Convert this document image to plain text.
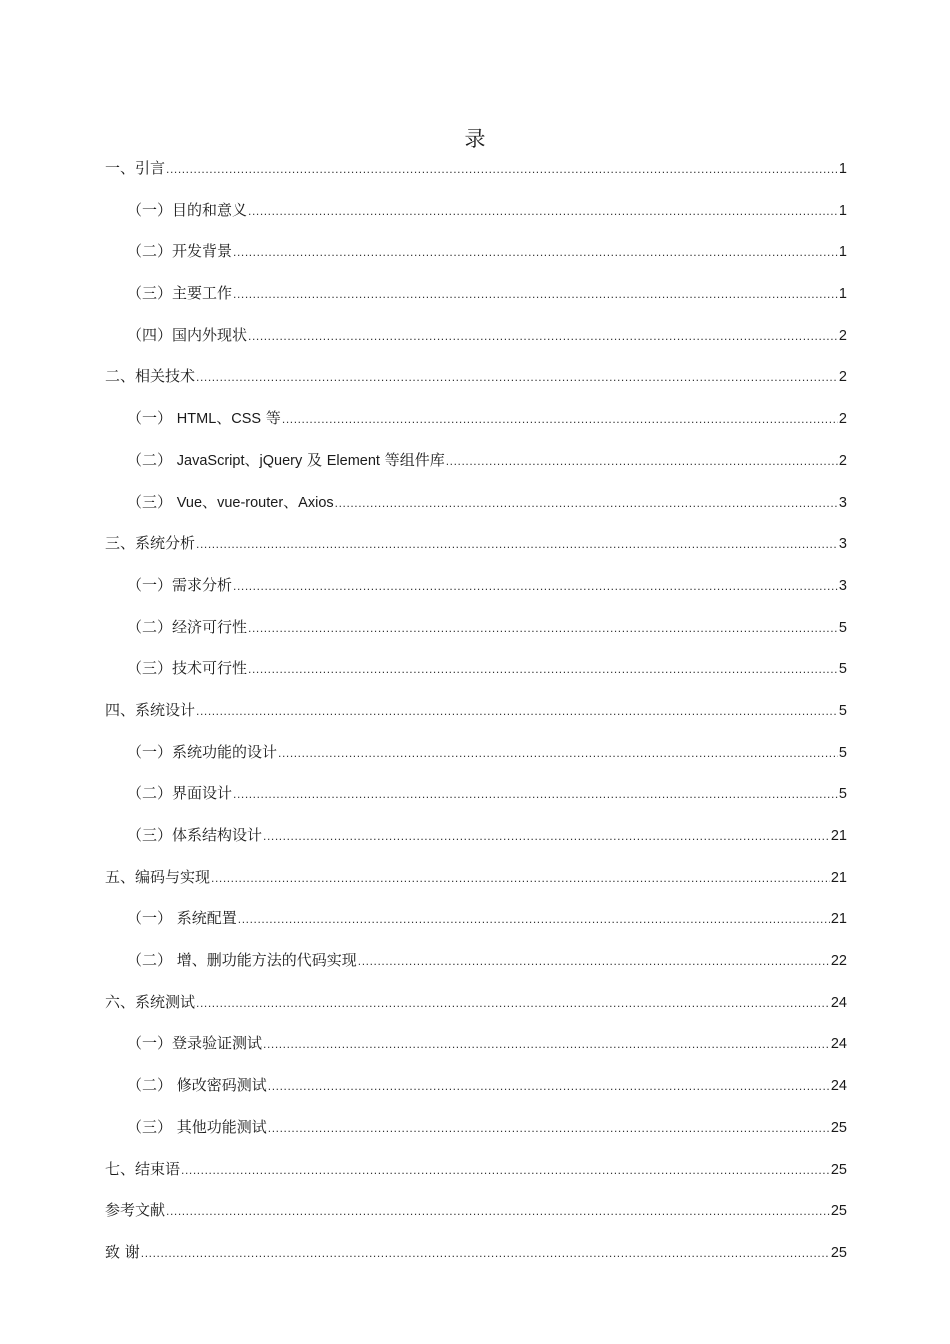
录
一、引言 .....	1
（一）目的和意义 .....	1
（二）开发背景 .....	1
（三）主要工作 .....	1
（四）国内外现状 .....	2
二、相关技术 .....	2
（一） HTML、CSS 等 .....	2
（二） JavaScript、jQuery 及 Element 等组件库 .....	2
（三） Vue、vue-router、Axios .....	3
三、系统分析 .....	3
（一）需求分析 .....	3
（二）经济可行性 .....	5
（三）技术可行性 .....	5
四、系统设计 .....	5
（一）系统功能的设计 .....	5
（二）界面设计 .....	5
（三）体系结构设计 .....	21
五、编码与实现 .....	21
（一） 系统配置 .....	21
（二） 增、删功能方法的代码实现 .....	22
六、系统测试 .....	24
（一）登录验证测试 .....	24
（二） 修改密码测试 .....	24
（三） 其他功能测试 .....	25
七、结束语 .....	25
参考文献 .....	25
致 谢 .....	25
